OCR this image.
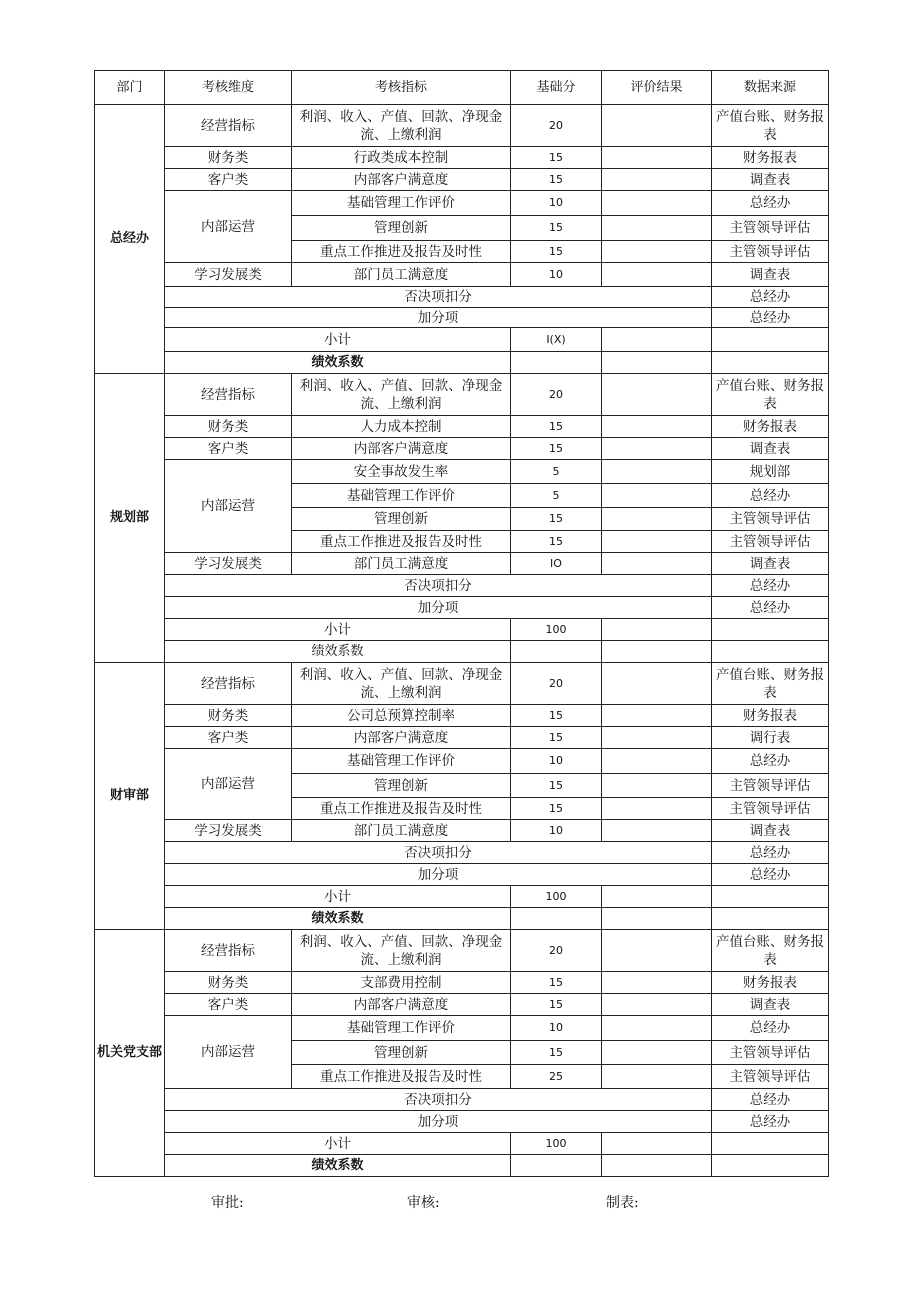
部门	考核维度	考核指标	基础分	评价结果	数据来源
总经办	经营指标	利润、收入、产值、回款、净现金流、上缴利润	20		产值台账、财务报表
	财务类	行政类成本控制	15		财务报表
	客户类	内部客户满意度	15		调查表
	内部运营	基础管理工作评价	10		总经办
		管理创新	15		主管领导评估
		重点工作推进及报告及时性	15		主管领导评估
	学习发展类	部门员工满意度	10		调查表
	否决项扣分				总经办
	加分项				总经办
	小计		I(X)		
	绩效系数				
规划部	经营指标	利润、收入、产值、回款、净现金流、上缴利润	20		产值台账、财务报表
	财务类	人力成本控制	15		财务报表
	客户类	内部客户满意度	15		调查表
	内部运营	安全事故发生率	5		规划部
		基础管理工作评价	5		总经办
		管理创新	15		主管领导评估
		重点工作推进及报告及时性	15		主管领导评估
	学习发展类	部门员工满意度	IO		调查表
	否决项扣分				总经办
	加分项				总经办
	小计		100		
	绩效系数				
财审部	经营指标	利润、收入、产值、回款、净现金流、上缴利润	20		产值台账、财务报表
	财务类	公司总预算控制率	15		财务报表
	客户类	内部客户满意度	15		调行表
	内部运营	基础管理工作评价	10		总经办
		管理创新	15		主管领导评估
		重点工作推进及报告及时性	15		主管领导评估
	学习发展类	部门员工满意度	10		调查表
	否决项扣分				总经办
	加分项				总经办
	小计		100		
	绩效系数				
机关党支部	经营指标	利润、收入、产值、回款、净现金流、上缴利润	20		产值台账、财务报表
	财务类	支部费用控制	15		财务报表
	客户类	内部客户满意度	15		调查表
	内部运营	基础管理工作评价	10		总经办
		管理创新	15		主管领导评估
		重点工作推进及报告及时性	25		主管领导评估
	否决项扣分				总经办
	加分项				总经办
	小计		100		
	绩效系数				
审批:	审核:	制表:
